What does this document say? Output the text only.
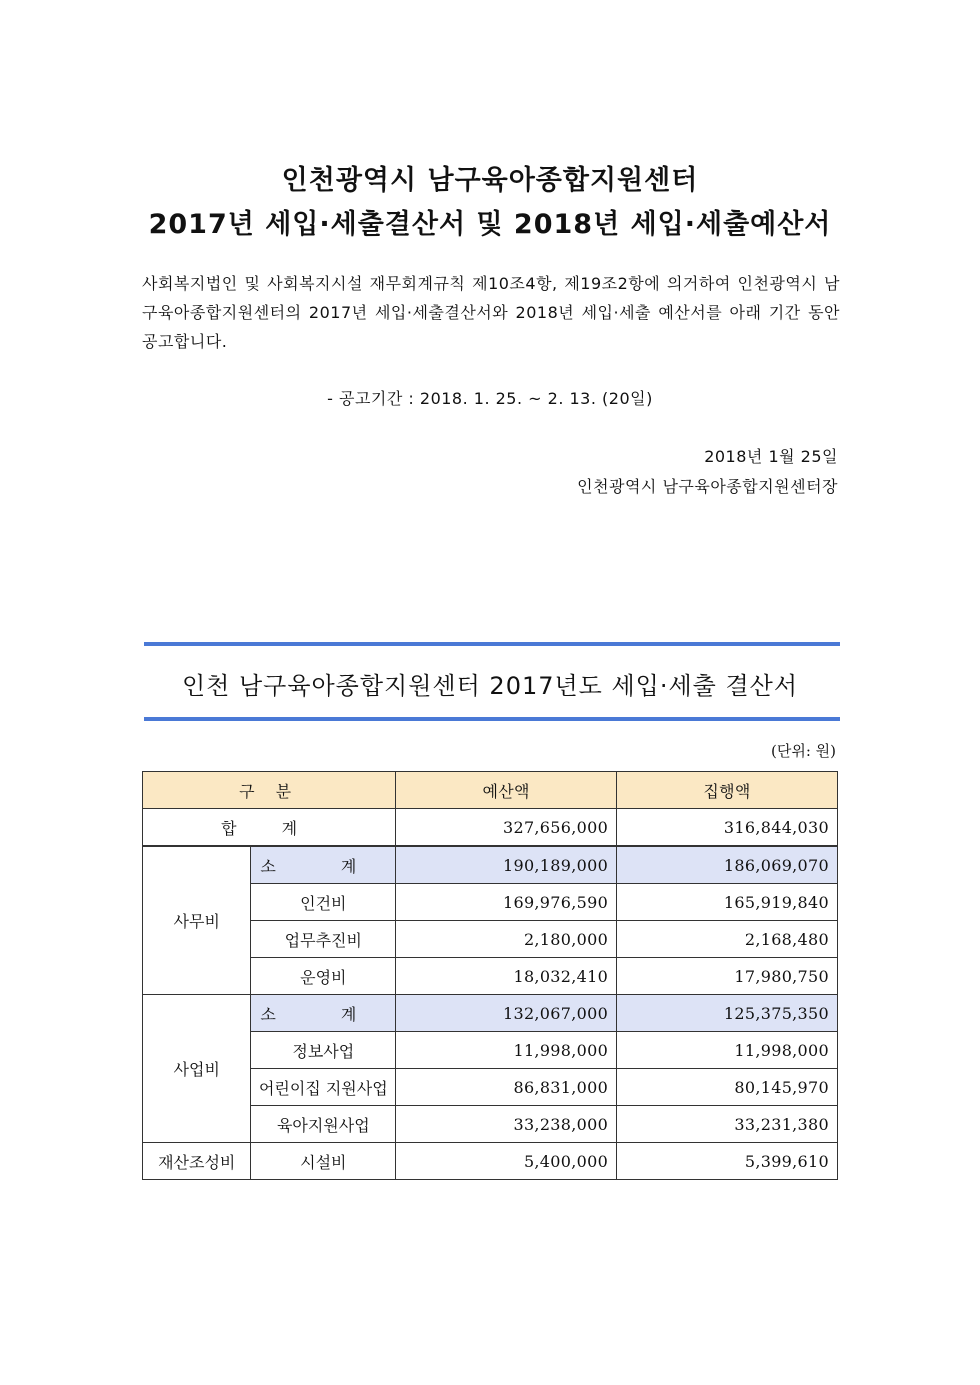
인천광역시 남구육아종합지원센터
2017년 세입·세출결산서 및 2018년 세입·세출예산서
사회복지법인 및 사회복지시설 재무회계규칙 제10조4항, 제19조2항에 의거하여 인천광역시 남구육아종합지원센터의 2017년 세입·세출결산서와 2018년 세입·세출 예산서를 아래 기간 동안 공고합니다.
- 공고기간 : 2018. 1. 25. ~ 2. 13. (20일)
2018년 1월 25일
인천광역시 남구육아종합지원센터장
인천 남구육아종합지원센터 2017년도 세입·세출 결산서
(단위: 원)
구 분		예산액	집행액
합 계		327,656,000	316,844,030
사무비	소 계	190,189,000	186,069,070
	인건비	169,976,590	165,919,840
	업무추진비	2,180,000	2,168,480
	운영비	18,032,410	17,980,750
사업비	소 계	132,067,000	125,375,350
	정보사업	11,998,000	11,998,000
	어린이집 지원사업	86,831,000	80,145,970
	육아지원사업	33,238,000	33,231,380
재산조성비	시설비	5,400,000	5,399,610
